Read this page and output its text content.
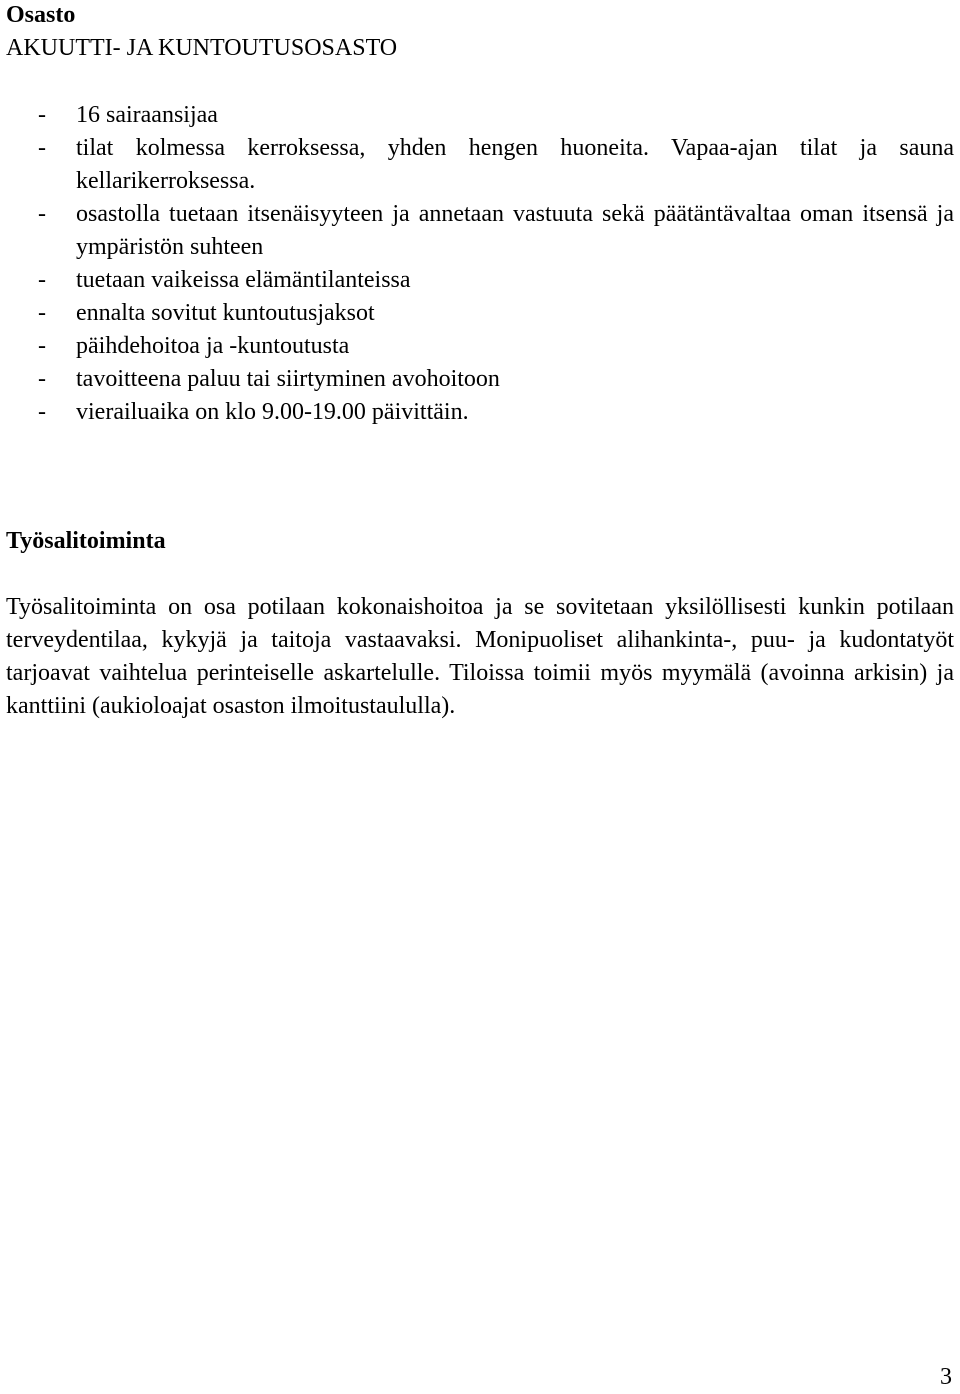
Osasto

AKUUTTI- JA KUNTOUTUSOSASTO

- 16 sairaansijaa
- tilat kolmessa kerroksessa, yhden hengen huoneita. Vapaa-ajan tilat ja sauna kellarikerroksessa.
- osastolla tuetaan itsenäisyyteen ja annetaan vastuuta sekä päätäntävaltaa oman itsensä ja ympäristön suhteen
- tuetaan vaikeissa elämäntilanteissa
- ennalta sovitut kuntoutusjaksot
- päihdehoitoa ja -kuntoutusta
- tavoitteena paluu tai siirtyminen avohoitoon
- vierailuaika on klo 9.00-19.00 päivittäin.

Työsalitoiminta

Työsalitoiminta on osa potilaan kokonaishoitoa ja se sovitetaan yksilöllisesti kunkin potilaan terveydentilaa, kykyjä ja taitoja vastaavaksi. Monipuoliset alihankinta-, puu- ja kudontatyöt tarjoavat vaihtelua perinteiselle askartelulle. Tiloissa toimii myös myymälä (avoinna arkisin) ja kanttiini (aukioloajat osaston ilmoitustaululla).

3
